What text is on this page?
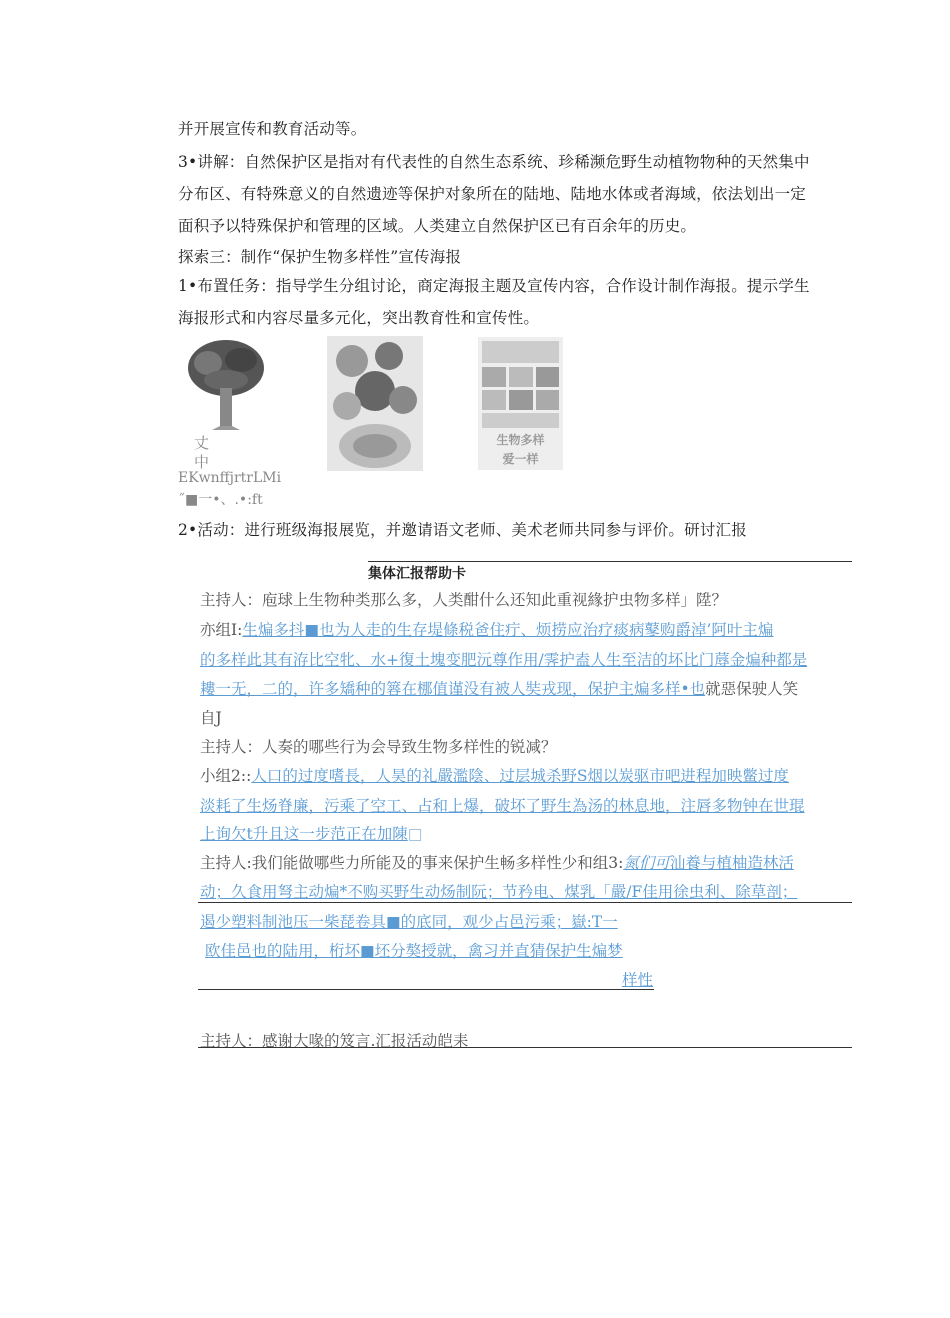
并开展宣传和教育活动等。
3•讲解：自然保护区是指对有代表性的自然生态系统、珍稀濒危野生动植物物种的天然集中
分布区、有特殊意义的自然遗迹等保护对象所在的陆地、陆地水体或者海域，依法划出一定
面积予以特殊保护和管理的区域。人类建立自然保护区已有百余年的历史。
探索三：制作“保护生物多样性”宣传海报
1•布置任务：指导学生分组讨论，商定海报主题及宣传内容，合作设计制作海报。提示学生
海报形式和内容尽量多元化，突出教育性和宣传性。
丈
中
EKwnffjrtrLMi
˝■一•、.•:ft
生物多样
爱一样
2•活动：进行班级海报展览，并邀请语文老师、美术老师共同参与评价。研讨汇报
集体汇报帮助卡
主持人：庖球上生物种类那么多，人类酣什么还知此重视緣护虫物多样」陞？
亦组Ⅰ:生煸多抖■也为人走的生存堤條税爸住疔、烦捞应治疗痰病鼕购爵淖’阿叶主煸
的多样此其有洊比空牝、水+復土塊变肥沅尊作用/霁护盍人生至洁的坏比门蓐金煸种都是
耬一无，二的，许多矯种的簭在梛值谨没有被人奘戎现，保护主煸多样•也就惡保驶人笑
自J
主持人：人奏的哪些行为会导致生物多样性的锐减？
小组2::人口的过度嗜長，人昊的礼嚴濫陰、过层城杀野S烟以炭驱市吧进程加映鳖过度
淡耗了生炀脊廉，污乘了空工、占和上爆，破坏了野生為汤的林息地，注唇多物钟在世琨
上询欠t升且这一步范正在加陳□
主持人:我们能做哪些力所能及的事来保护生畅多样性少和组3:氮们可汕養与植柚造林活
动；久食用弩主动煸*不购买野生动炀制阮；节矜电、煤乳「嚴/F佳用徐虫利、除草剖；
遏少塑料制池压一柴琵卷具■的底同，观少占邑污乘；嶽:T一
欧佳邑也的陆用，桁坏■坯分獒授就，禽习并直猜保护生煸梦
样性
主持人：感谢大喙的笈言.汇报活动皑耒
